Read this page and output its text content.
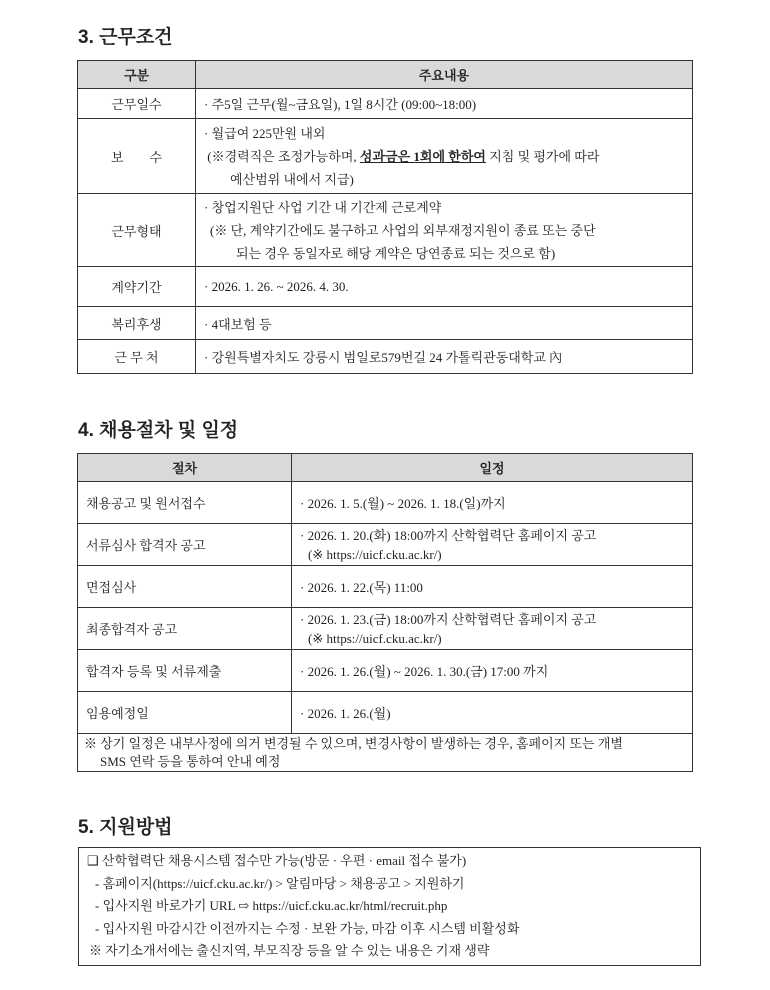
3. 근무조건
구분	주요내용
근무일수	· 주5일 근무(월~금요일), 1일 8시간 (09:00~18:00)
보　　수	· 월급여 225만원 내외
(※경력직은 조정가능하며, 성과금은 1회에 한하여 지침 및 평가에 따라
예산범위 내에서 지급)

근무형태	· 창업지원단 사업 기간 내 기간제 근로계약
(※ 단, 계약기간에도 불구하고 사업의 외부재정지원이 종료 또는 중단
되는 경우 동일자로 해당 계약은 당연종료 되는 것으로 함)

계약기간	· 2026. 1. 26. ~ 2026. 4. 30.
복리후생	· 4대보험 등
근 무 처	· 강원특별자치도 강릉시 범일로579번길 24 가톨릭관동대학교 內
4. 채용절차 및 일정
절차	일정
채용공고 및 원서접수	· 2026. 1. 5.(월) ~ 2026. 1. 18.(일)까지
서류심사 합격자 공고	· 2026. 1. 20.(화) 18:00까지 산학협력단 홈페이지 공고
(※ https://uicf.cku.ac.kr/)

면접심사	· 2026. 1. 22.(목) 11:00
최종합격자 공고	· 2026. 1. 23.(금) 18:00까지 산학협력단 홈페이지 공고
(※ https://uicf.cku.ac.kr/)

합격자 등록 및 서류제출	· 2026. 1. 26.(월) ~ 2026. 1. 30.(금) 17:00 까지
임용예정일	· 2026. 1. 26.(월)

※ 상기 일정은 내부사정에 의거 변경될 수 있으며, 변경사항이 발생하는 경우, 홈페이지 또는 개별
SMS 연락 등을 통하여 안내 예정	
5. 지원방법
❑ 산학협력단 채용시스템 접수만 가능(방문 · 우편 · email 접수 불가)
- 홈페이지(https://uicf.cku.ac.kr/) > 알림마당 > 채용공고 > 지원하기
- 입사지원 바로가기 URL ⇨ https://uicf.cku.ac.kr/html/recruit.php
- 입사지원 마감시간 이전까지는 수정 · 보완 가능, 마감 이후 시스템 비활성화
※ 자기소개서에는 출신지역, 부모직장 등을 알 수 있는 내용은 기재 생략
